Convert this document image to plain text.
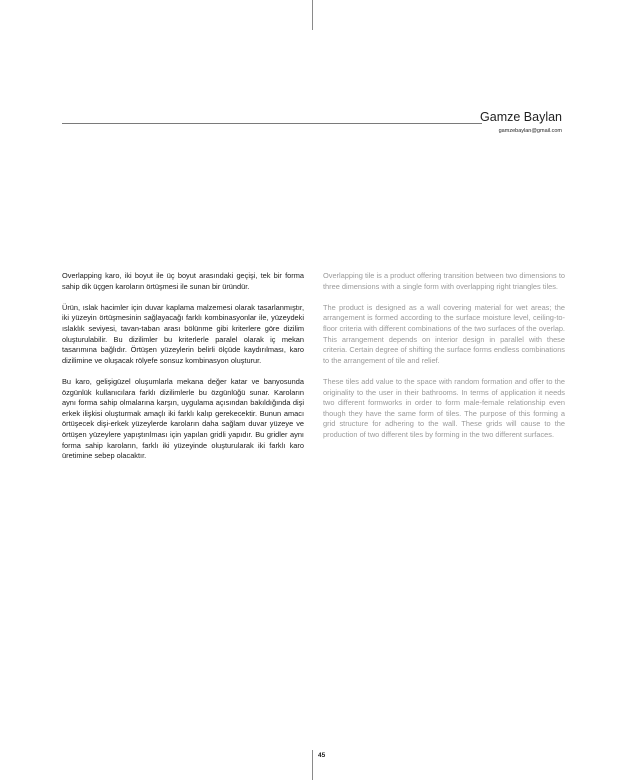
Gamze Baylan
gamzebaylan@gmail.com

Overlapping karo, iki boyut ile üç boyut arasındaki geçişi, tek bir forma sahip dik üçgen karoların örtüşmesi ile sunan bir üründür.

Ürün, ıslak hacimler için duvar kaplama malzemesi olarak tasarlanmıştır, iki yüzeyin örtüşmesinin sağlayacağı farklı kombinasyonlar ile, yüzeydeki ıslaklık seviyesi, tavan-taban arası bölünme gibi kriterlere göre dizilim oluşturulabilir. Bu dizilimler bu kriterlerle paralel olarak iç mekan tasarımına bağlıdır. Örtüşen yüzeylerin belirli ölçüde kaydırılması, karo dizilimine ve oluşacak rölyefe sonsuz kombinasyon oluşturur.

Bu karo, gelişigüzel oluşumlarla mekana değer katar ve banyosunda özgünlük kullanıcılara farklı dizilimlerle bu özgünlüğü sunar. Karoların aynı forma sahip olmalarına karşın, uygulama açısından bakıldığında dişi erkek ilişkisi oluşturmak amaçlı iki farklı kalıp gerekecektir. Bunun amacı örtüşecek dişi-erkek yüzeylerde karoların daha sağlam duvar yüzeye ve örtüşen yüzeylere yapıştırılması için yapılan gridli yapıdır. Bu gridler aynı forma sahip karoların, farklı iki yüzeyinde oluşturularak iki farklı karo üretimine sebep olacaktır.

Overlapping tile is a product offering transition between two dimensions to three dimensions with a single form with overlapping right triangles tiles.

The product is designed as a wall covering material for wet areas; the arrangement is formed according to the surface moisture level, ceiling-to-floor criteria with different combinations of the two surfaces of the overlap. This arrangement depends on interior design in parallel with these criteria. Certain degree of shifting the surface forms endless combinations to the arrangement of tile and relief.

These tiles add value to the space with random formation and offer to the originality to the user in their bathrooms. In terms of application it needs two different formworks in order to form male-female relationship even though they have the same form of tiles. The purpose of this forming a grid structure for adhering to the wall. These grids will cause to the production of two different tiles by forming in the two different surfaces.

45
